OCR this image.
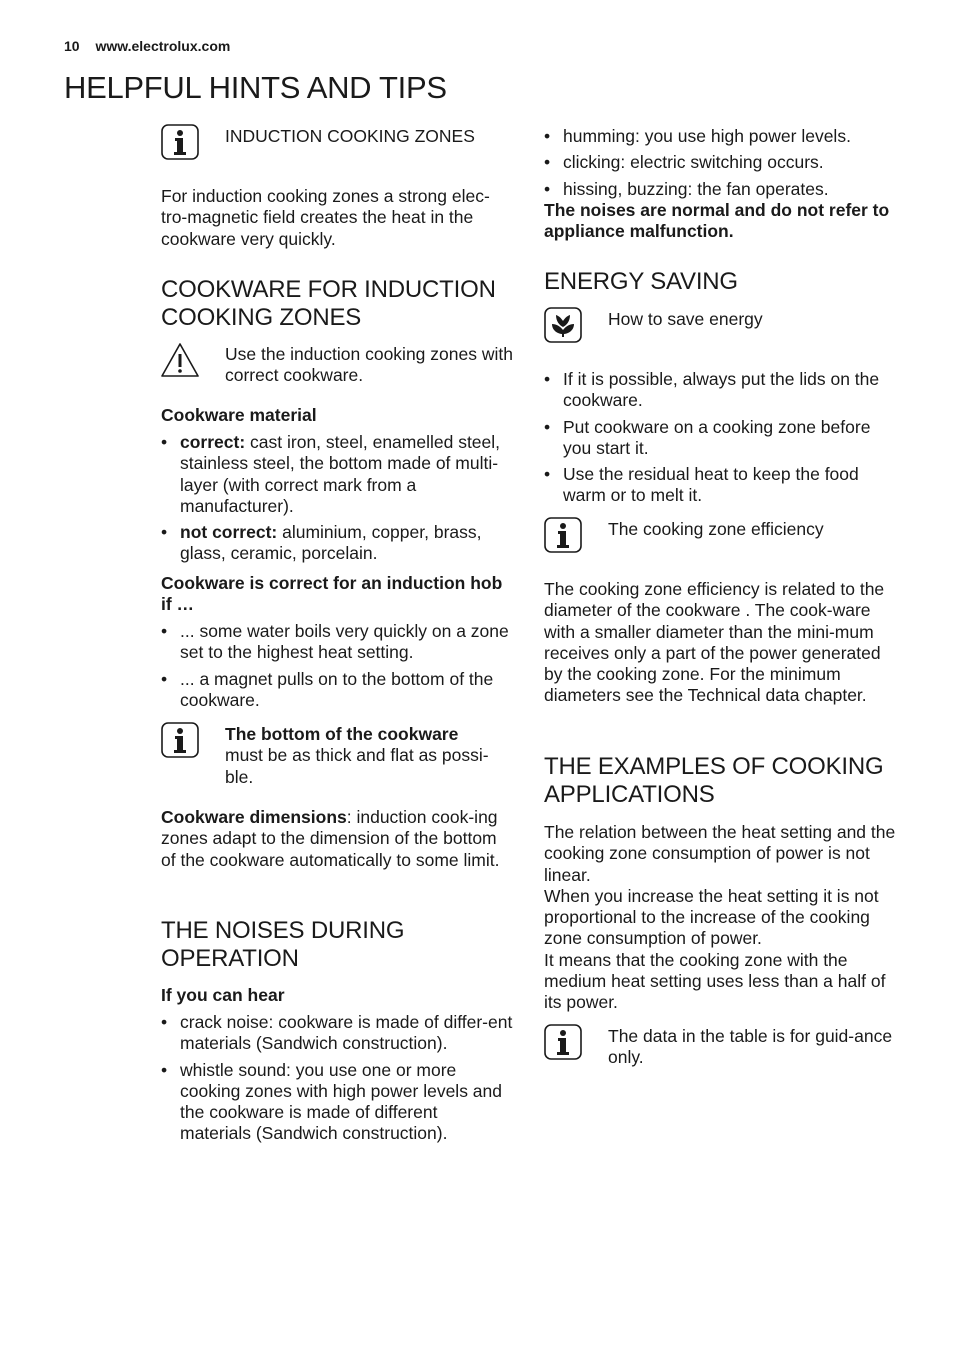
10 www.electrolux.com
HELPFUL HINTS AND TIPS
INDUCTION COOKING ZONES

For induction cooking zones a strong elec-tro-magnetic field creates the heat in the cookware very quickly.

COOKWARE FOR INDUCTION COOKING ZONES
Use the induction cooking zones with correct cookware.

Cookware material

• correct: cast iron, steel, enamelled steel, stainless steel, the bottom made of multi-layer (with correct mark from a manufacturer).
• not correct: aluminium, copper, brass, glass, ceramic, porcelain.

Cookware is correct for an induction hob if …

• ... some water boils very quickly on a zone set to the highest heat setting.
• ... a magnet pulls on to the bottom of the cookware.
The bottom of the cookware
must be as thick and flat as possi-ble.

Cookware dimensions: induction cook-ing zones adapt to the dimension of the bottom of the cookware automatically to some limit.

THE NOISES DURING OPERATION

If you can hear

• crack noise: cookware is made of differ-ent materials (Sandwich construction).
• whistle sound: you use one or more cooking zones with high power levels and the cookware is made of different materials (Sandwich construction).
• humming: you use high power levels.
• clicking: electric switching occurs.
• hissing, buzzing: the fan operates.

The noises are normal and do not refer to appliance malfunction.

ENERGY SAVING
How to save energy
• If it is possible, always put the lids on the cookware.
• Put cookware on a cooking zone before you start it.
• Use the residual heat to keep the food warm or to melt it.
The cooking zone efficiency

The cooking zone efficiency is related to the diameter of the cookware . The cook-ware with a smaller diameter than the mini-mum receives only a part of the power generated by the cooking zone. For the minimum diameters see the Technical data chapter.

THE EXAMPLES OF COOKING APPLICATIONS

The relation between the heat setting and the cooking zone consumption of power is not linear.

When you increase the heat setting it is not proportional to the increase of the cooking zone consumption of power.

It means that the cooking zone with the medium heat setting uses less than a half of its power.

The data in the table is for guid-ance only.
